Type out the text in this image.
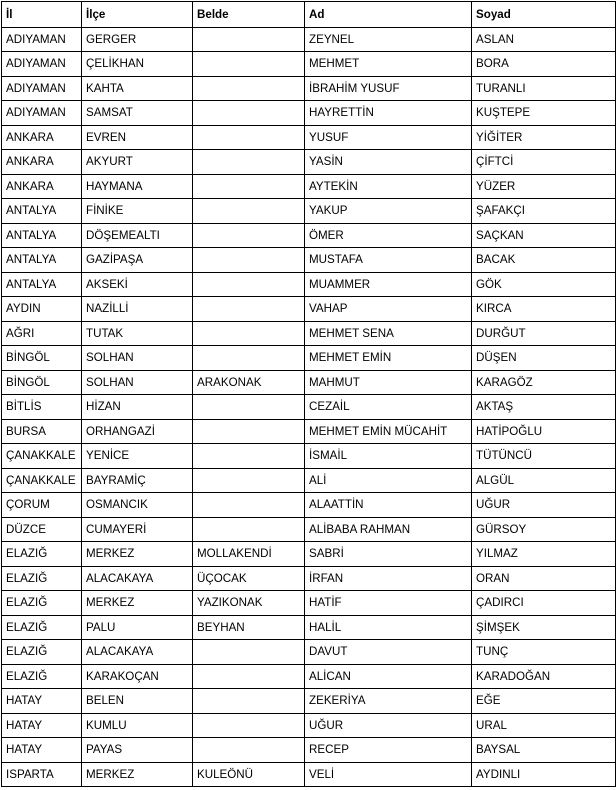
İl	İlçe	Belde	Ad	Soyad
ADIYAMAN	GERGER		ZEYNEL	ASLAN
ADIYAMAN	ÇELİKHAN		MEHMET	BORA
ADIYAMAN	KAHTA		İBRAHİM YUSUF	TURANLI
ADIYAMAN	SAMSAT		HAYRETTİN	KUŞTEPE
ANKARA	EVREN		YUSUF	YİĞİTER
ANKARA	AKYURT		YASİN	ÇİFTCİ
ANKARA	HAYMANA		AYTEKİN	YÜZER
ANTALYA	FİNİKE		YAKUP	ŞAFAKÇI
ANTALYA	DÖŞEMEALTI		ÖMER	SAÇKAN
ANTALYA	GAZİPAŞA		MUSTAFA	BACAK
ANTALYA	AKSEKİ		MUAMMER	GÖK
AYDIN	NAZİLLİ		VAHAP	KIRCA
AĞRI	TUTAK		MEHMET SENA	DURĞUT
BİNGÖL	SOLHAN		MEHMET EMİN	DÜŞEN
BİNGÖL	SOLHAN	ARAKONAK	MAHMUT	KARAGÖZ
BİTLİS	HİZAN		CEZAİL	AKTAŞ
BURSA	ORHANGAZİ		MEHMET EMİN MÜCAHİT	HATİPOĞLU
ÇANAKKALE	YENİCE		İSMAİL	TÜTÜNCÜ
ÇANAKKALE	BAYRAMİÇ		ALİ	ALGÜL
ÇORUM	OSMANCIK		ALAATTİN	UĞUR
DÜZCE	CUMAYERİ		ALİBABA RAHMAN	GÜRSOY
ELAZIĞ	MERKEZ	MOLLAKENDİ	SABRİ	YILMAZ
ELAZIĞ	ALACAKAYA	ÜÇOCAK	İRFAN	ORAN
ELAZIĞ	MERKEZ	YAZIKONAK	HATİF	ÇADIRCI
ELAZIĞ	PALU	BEYHAN	HALİL	ŞİMŞEK
ELAZIĞ	ALACAKAYA		DAVUT	TUNÇ
ELAZIĞ	KARAKOÇAN		ALİCAN	KARADOĞAN
HATAY	BELEN		ZEKERİYA	EĞE
HATAY	KUMLU		UĞUR	URAL
HATAY	PAYAS		RECEP	BAYSAL
ISPARTA	MERKEZ	KULEÖNÜ	VELİ	AYDINLI
